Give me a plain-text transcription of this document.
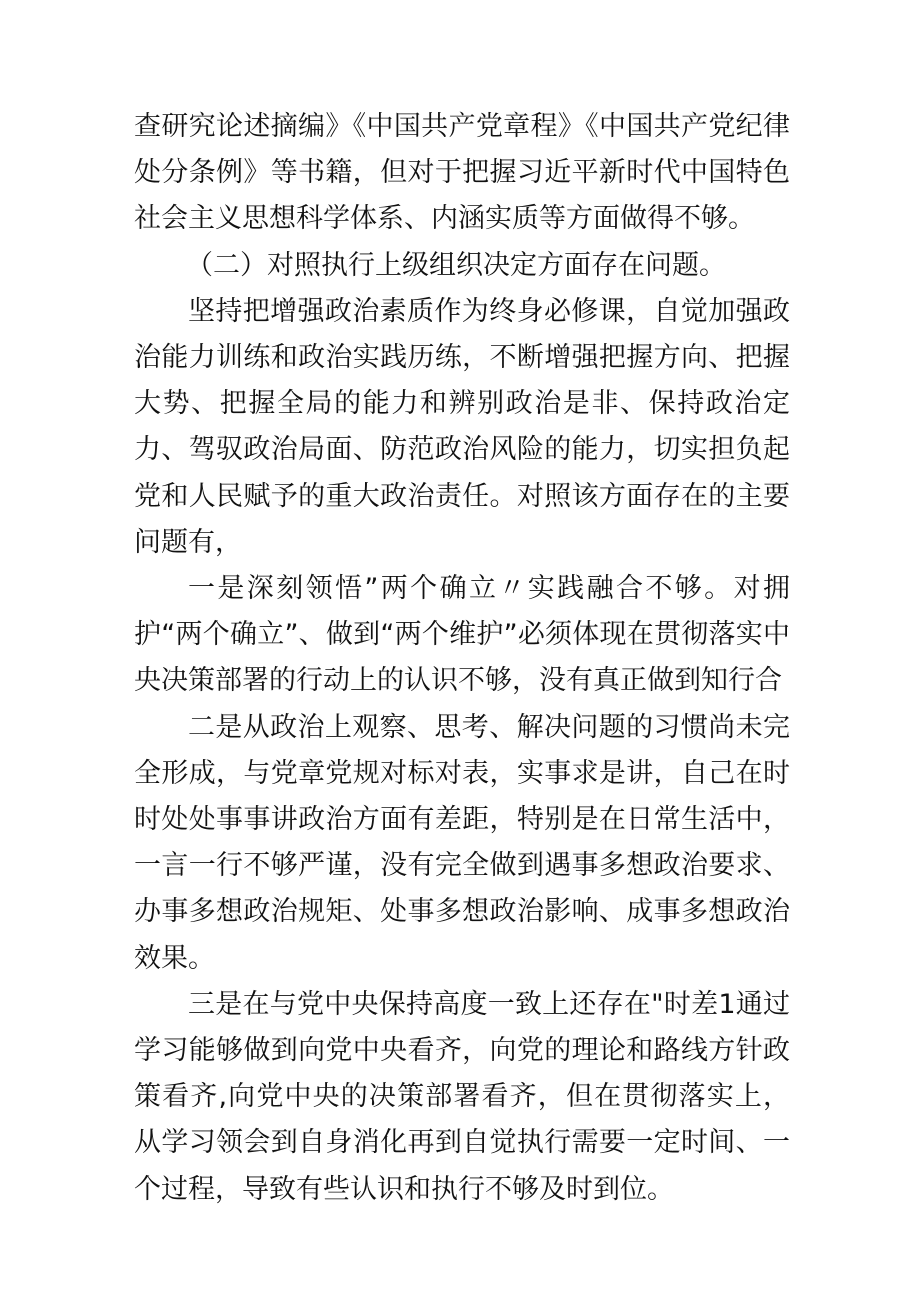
查研究论述摘编》《中国共产党章程》《中国共产党纪律处分条例》等书籍，但对于把握习近平新时代中国特色社会主义思想科学体系、内涵实质等方面做得不够。

（二）对照执行上级组织决定方面存在问题。

坚持把增强政治素质作为终身必修课，自觉加强政治能力训练和政治实践历练，不断增强把握方向、把握大势、把握全局的能力和辨别政治是非、保持政治定力、驾驭政治局面、防范政治风险的能力，切实担负起党和人民赋予的重大政治责任。对照该方面存在的主要问题有，

一是深刻领悟”两个确立〃实践融合不够。对拥护“两个确立”、做到“两个维护”必须体现在贯彻落实中央决策部署的行动上的认识不够，没有真正做到知行合

二是从政治上观察、思考、解决问题的习惯尚未完全形成，与党章党规对标对表，实事求是讲，自己在时时处处事事讲政治方面有差距，特别是在日常生活中，一言一行不够严谨，没有完全做到遇事多想政治要求、办事多想政治规矩、处事多想政治影响、成事多想政治效果。

三是在与党中央保持高度一致上还存在"时差1通过学习能够做到向党中央看齐，向党的理论和路线方针政策看齐,向党中央的决策部署看齐，但在贯彻落实上，从学习领会到自身消化再到自觉执行需要一定时间、一个过程，导致有些认识和执行不够及时到位。
